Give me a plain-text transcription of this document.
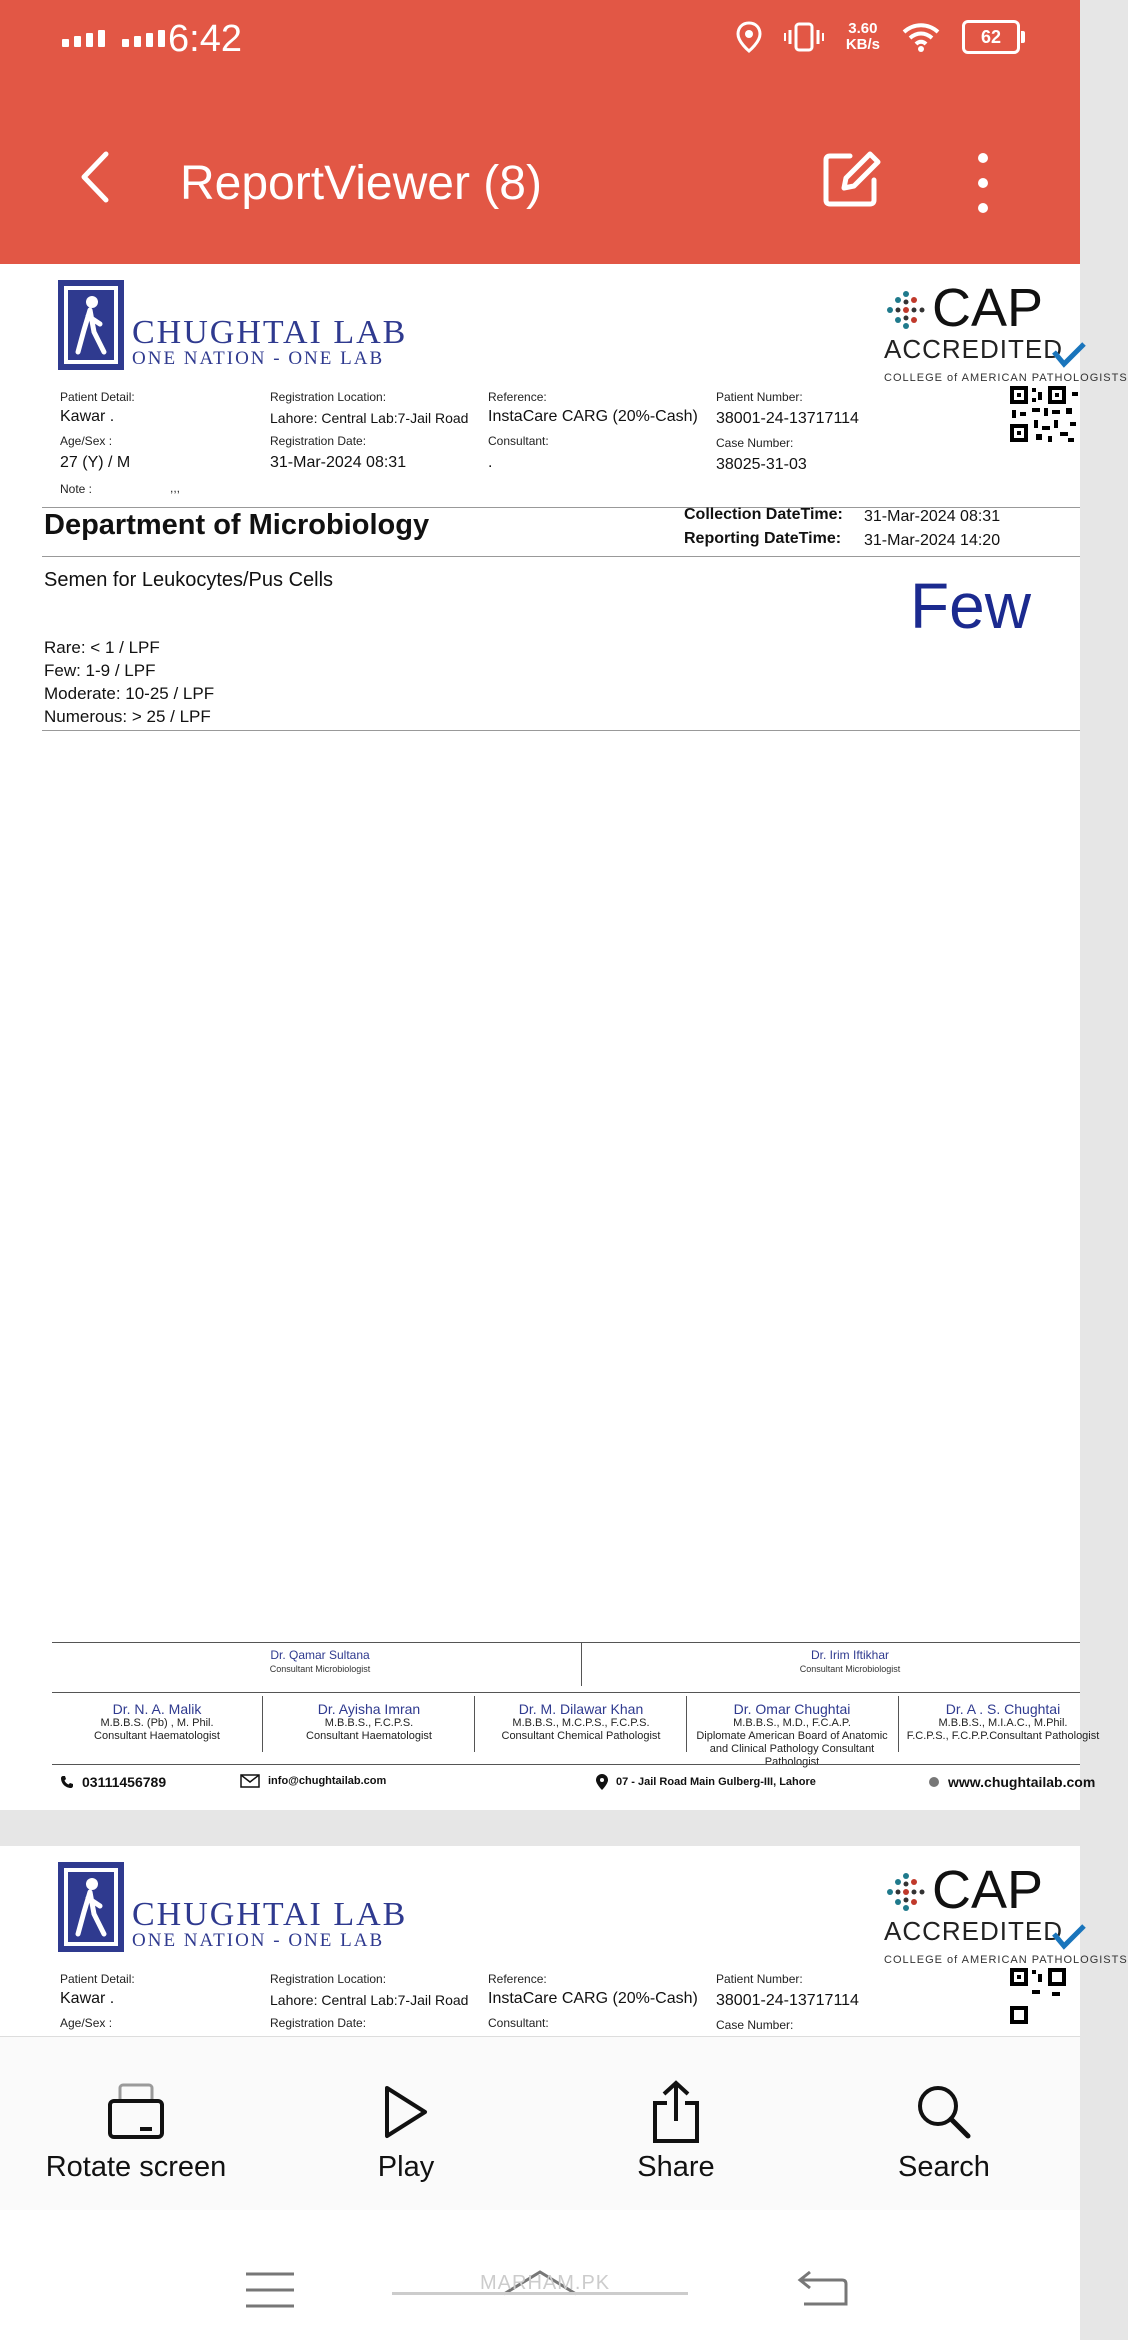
6:42	3.60
KB/s	62
ReportViewer (8)
CHUGHTAI LAB
ONE NATION - ONE LAB
CAP
ACCREDITED
COLLEGE of AMERICAN PATHOLOGISTS
Patient Detail:
Kawar .
Age/Sex :
27 (Y) / M
Note :	,,,
Registration Location:
Lahore: Central Lab:7-Jail Road
Registration Date:
31-Mar-2024 08:31
Reference:
InstaCare CARG (20%-Cash)
Consultant:
.
Patient Number:
38001-24-13717114
Case Number:
38025-31-03
Department of Microbiology	Collection DateTime: 31-Mar-2024 08:31
Reporting DateTime: 31-Mar-2024 14:20
Semen for Leukocytes/Pus Cells	Few
Rare: < 1 / LPF
Few: 1-9 / LPF
Moderate: 10-25 / LPF
Numerous: > 25 / LPF
Dr. Qamar Sultana
Consultant Microbiologist
Dr. Irim Iftikhar
Consultant Microbiologist
Dr. N. A. Malik
M.B.B.S. (Pb) , M. Phil.
Consultant Haematologist
Dr. Ayisha Imran
M.B.B.S., F.C.P.S.
Consultant Haematologist
Dr. M. Dilawar Khan
M.B.B.S., M.C.P.S., F.C.P.S.
Consultant Chemical Pathologist
Dr. Omar Chughtai
M.B.B.S., M.D., F.C.A.P.
Diplomate American Board of Anatomic
and Clinical Pathology Consultant
Pathologist
Dr. A . S. Chughtai
M.B.B.S., M.I.A.C., M.Phil.
F.C.P.S., F.C.P.P.Consultant Pathologist
03111456789	info@chughtailab.com	07 - Jail Road Main Gulberg-III, Lahore	www.chughtailab.com
CHUGHTAI LAB
ONE NATION - ONE LAB
CAP
ACCREDITED
COLLEGE of AMERICAN PATHOLOGISTS
Patient Detail:
Kawar .
Age/Sex :
Registration Location:
Lahore: Central Lab:7-Jail Road
Registration Date:
Reference:
InstaCare CARG (20%-Cash)
Consultant:
Patient Number:
38001-24-13717114
Case Number:
Rotate screen	Play	Share	Search
MARHAM.PK
